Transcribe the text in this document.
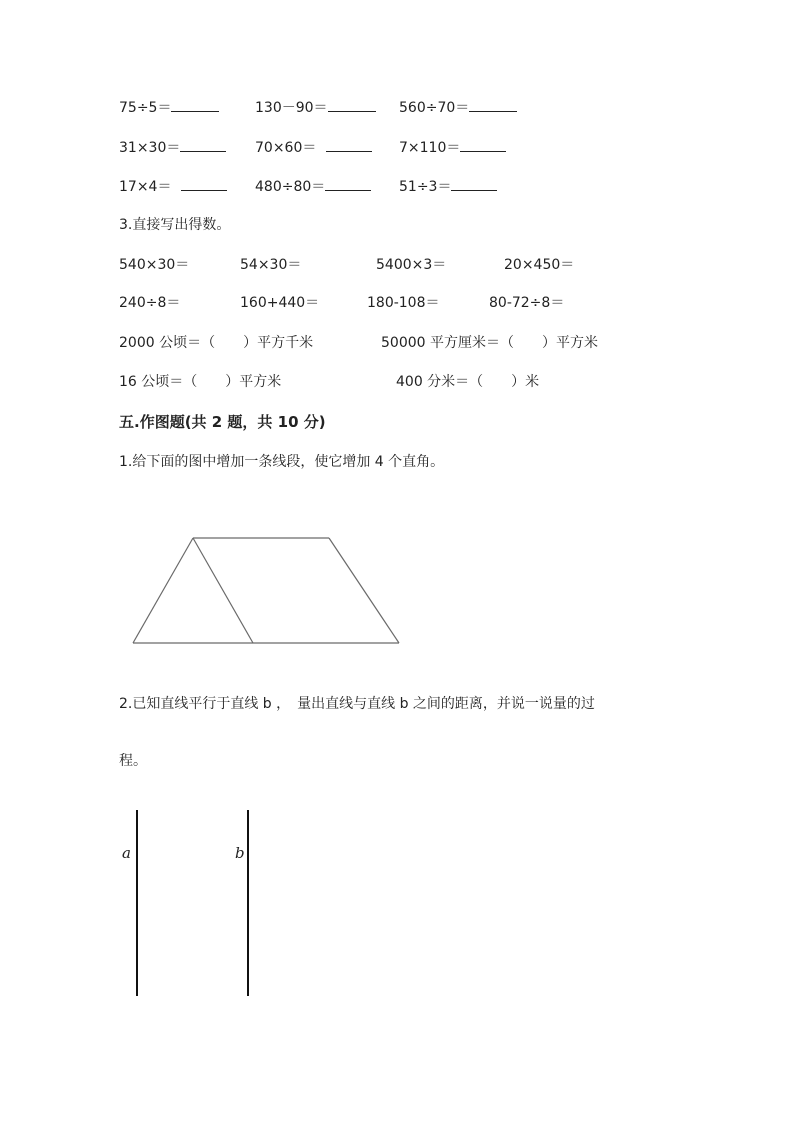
75÷5＝	130－90＝	560÷70＝
31×30＝	70×60＝	7×110＝
17×4＝	480÷80＝	51÷3＝
3.直接写出得数。
540×30＝	54×30＝	5400×3＝	20×450＝
240÷8＝	160+440＝	180-108＝	80-72÷8＝
2000 公顷＝（　　）平方千米	50000 平方厘米＝（　　）平方米
16 公顷＝（　　）平方米	400 分米＝（　　）米
五.作图题(共 2 题，共 10 分)
1.给下面的图中增加一条线段，使它增加 4 个直角。
2.已知直线平行于直线 b ，　量出直线与直线 b 之间的距离，并说一说量的过
程。
a	b
